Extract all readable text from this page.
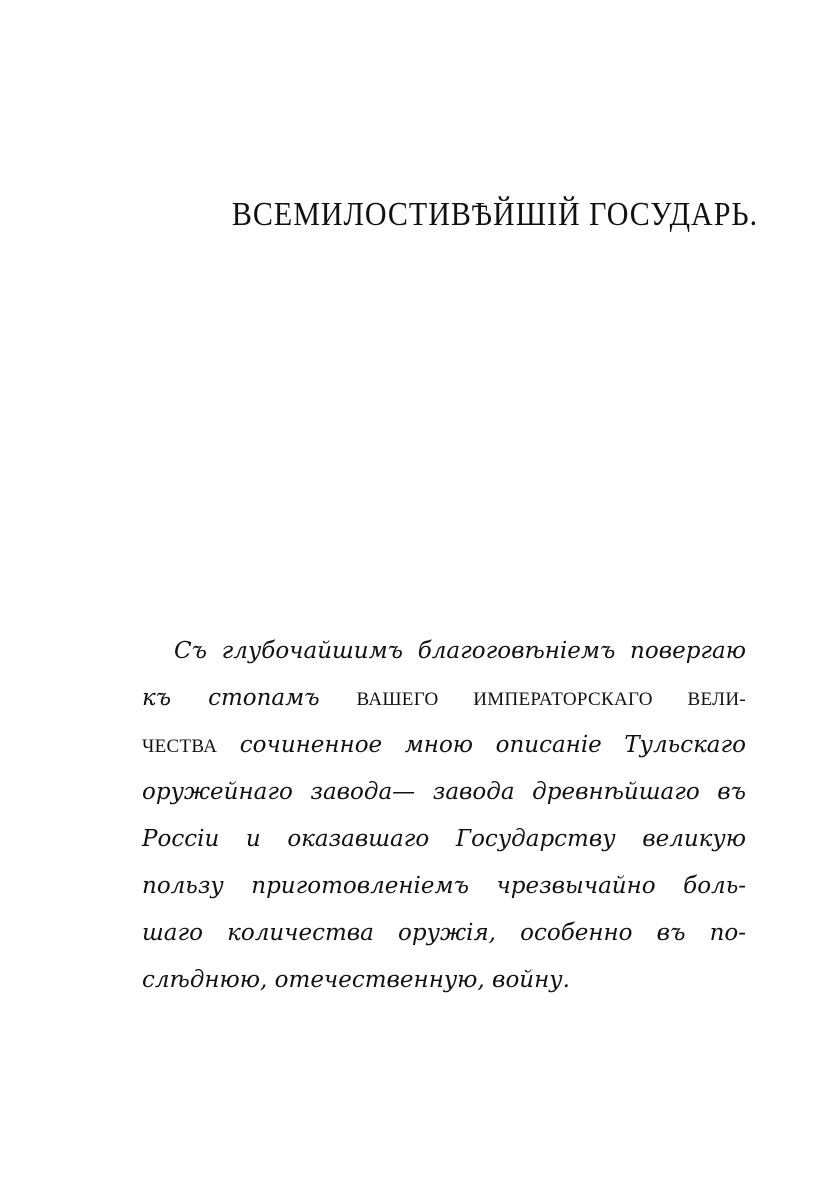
ВСЕМИЛОСТИВѢЙШІЙ ГОСУДАРЬ.
Съ глубочайшимъ благоговѣніемъ повергаю
къ стопамъ ВАШЕГО ИМПЕРАТОРСКАГО ВЕЛИ-
ЧЕСТВА сочиненное мною описаніе Тульскаго
оружейнаго завода— завода древнѣйшаго въ
Россіи и оказавшаго Государству великую
пользу приготовленіемъ чрезвычайно боль-
шаго количества оружія, особенно въ по-
слѣднюю, отечественную, войну.
